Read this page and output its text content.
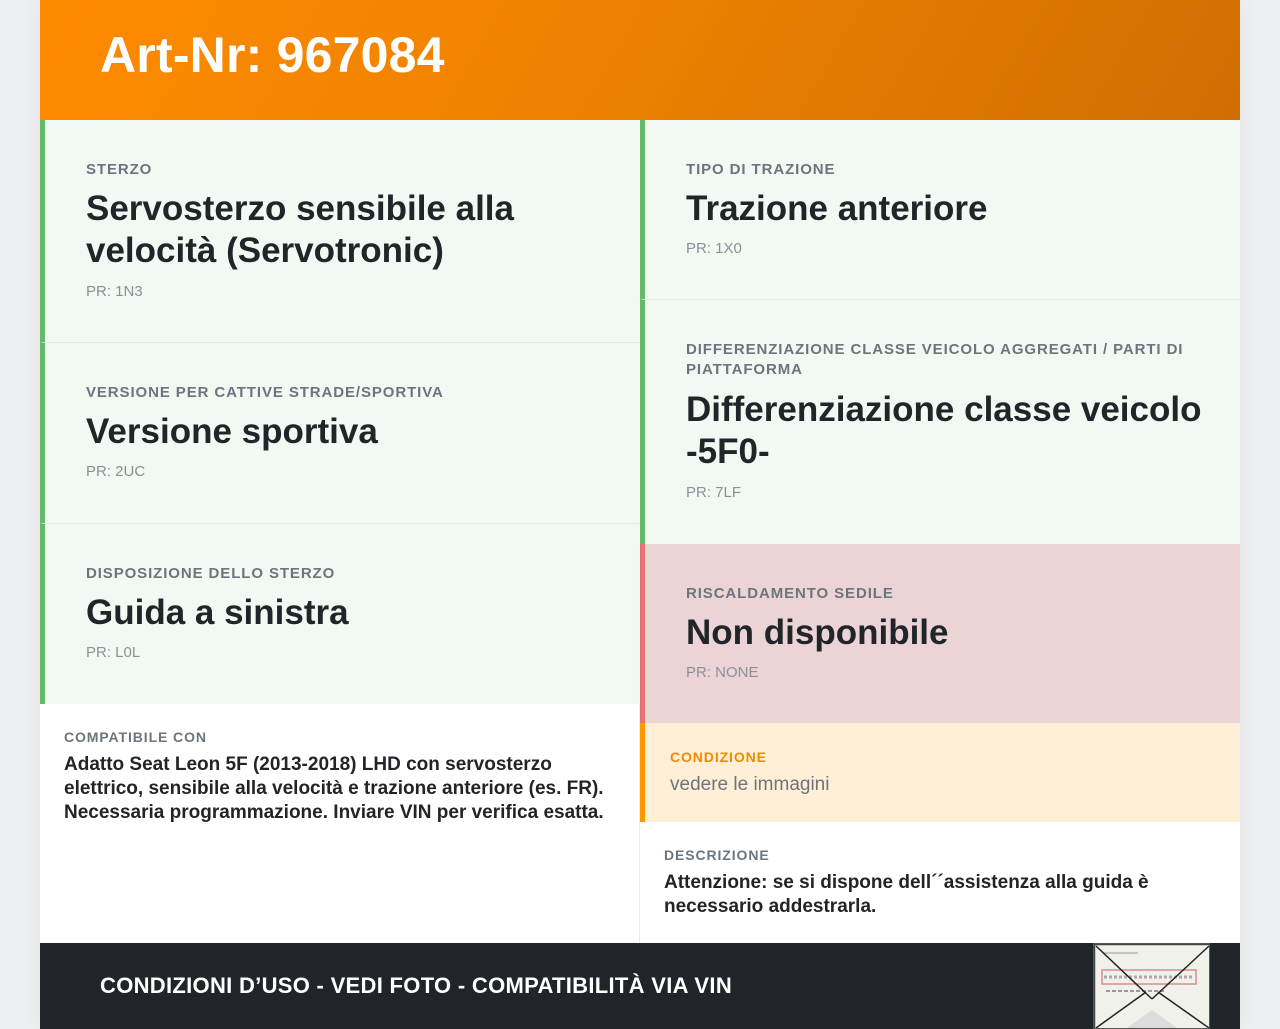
Art-Nr: 967084
STERZO
Servosterzo sensibile alla velocità (Servotronic)
PR: 1N3
VERSIONE PER CATTIVE STRADE/SPORTIVA
Versione sportiva
PR: 2UC
DISPOSIZIONE DELLO STERZO
Guida a sinistra
PR: L0L
TIPO DI TRAZIONE
Trazione anteriore
PR: 1X0
DIFFERENZIAZIONE CLASSE VEICOLO AGGREGATI / PARTI DI PIATTAFORMA
Differenziazione classe veicolo -5F0-
PR: 7LF
RISCALDAMENTO SEDILE
Non disponibile
PR: NONE
COMPATIBILE CON
Adatto Seat Leon 5F (2013-2018) LHD con servosterzo elettrico, sensibile alla velocità e trazione anteriore (es. FR). Necessaria programmazione. Inviare VIN per verifica esatta.
CONDIZIONE
vedere le immagini
DESCRIZIONE
Attenzione: se si dispone dell´´assistenza alla guida è necessario addestrarla.
CONDIZIONI D’USO - VEDI FOTO - COMPATIBILITÀ VIA VIN
